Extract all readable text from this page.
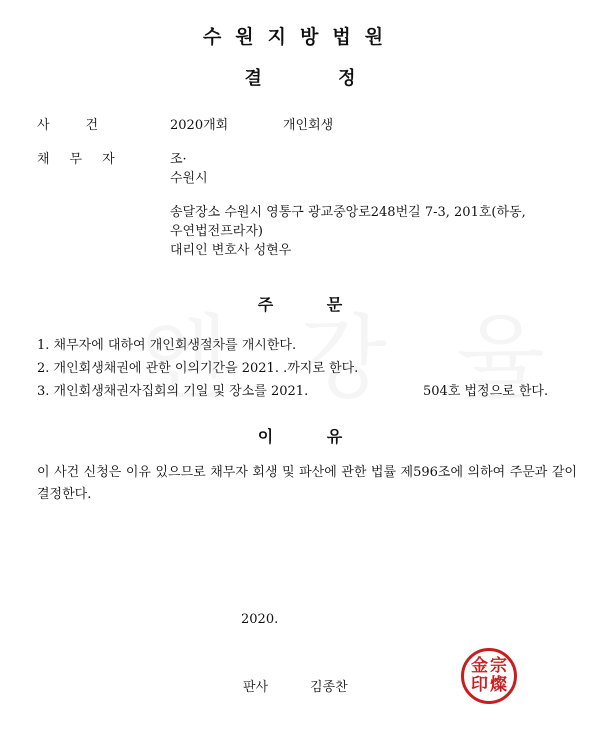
수원지방법원
결 정
사건	2020개회	개인회생
채무자	조·
수원시
송달장소 수원시 영통구 광교중앙로248번길 7-3, 201호(하동,
우연법전프라자)
대리인 변호사 성현우
주 문
1. 채무자에 대하여 개인회생절차를 개시한다.
2. 개인회생채권에 관한 이의기간을 2021. .까지로 한다.
3. 개인회생채권자집회의 기일 및 장소를 2021.	504호 법정으로 한다.
이 유
이 사건 신청은 이유 있으므로 채무자 회생 및 파산에 관한 법률 제596조에 의하여 주문과 같이 결정한다.
2020.
판사	김종찬
金 宗
印 燦
